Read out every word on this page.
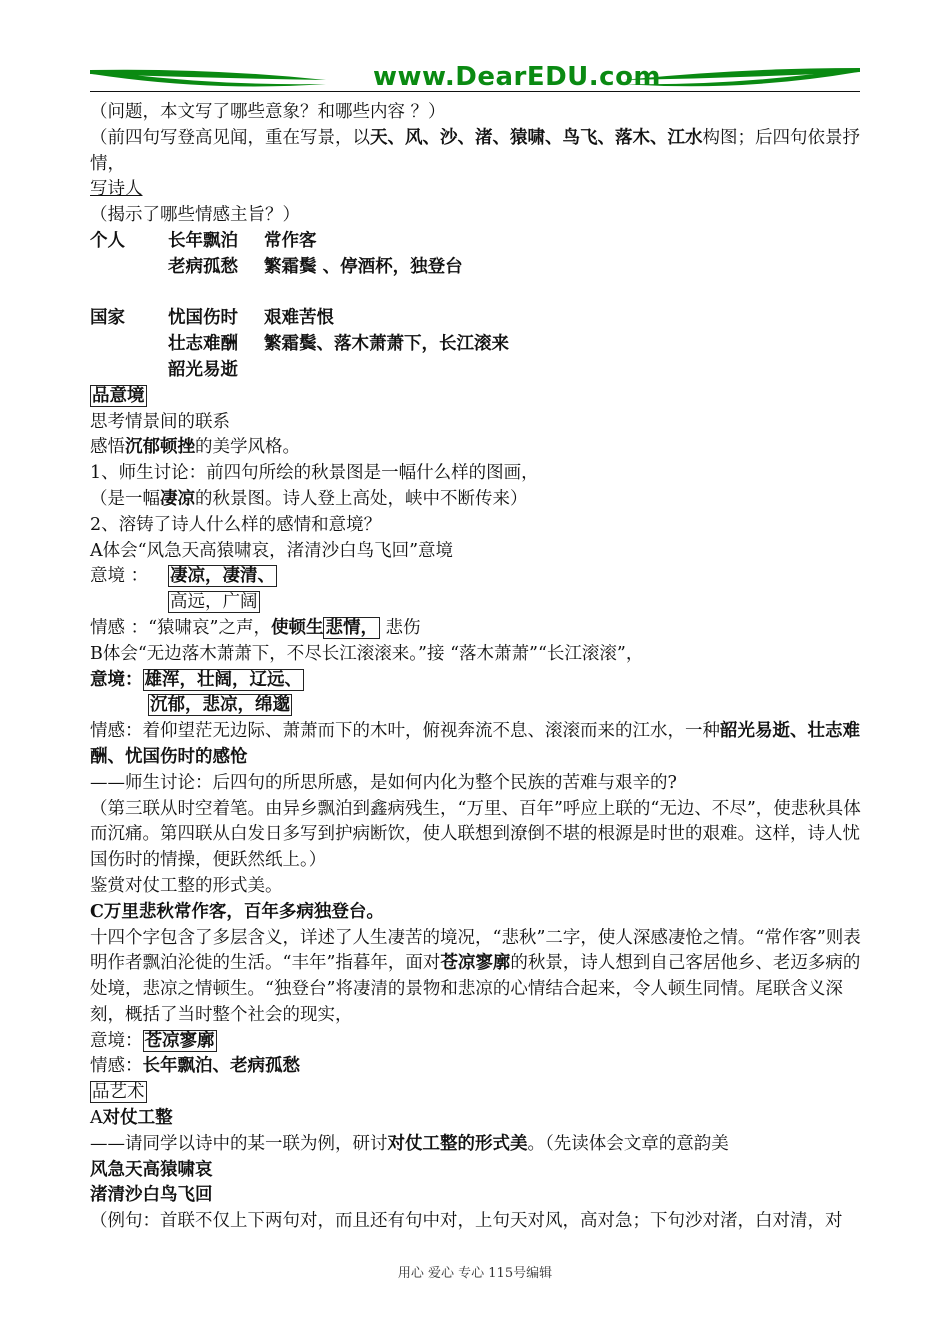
www.DearEDU.com
（问题，本文写了哪些意象？和哪些内容 ？）
（前四句写登高见闻，重在写景，以天、风、沙、渚、猿啸、鸟飞、落木、江水构图；后四句依景抒情，
写诗人
（揭示了哪些情感主旨？）
个人 长年飘泊 常作客
老病孤愁 繁霜鬓 、停酒杯，独登台
国家 忧国伤时 艰难苦恨
壮志难酬 繁霜鬓、落木萧萧下，长江滚来
韶光易逝
品意境
思考情景间的联系
感悟沉郁顿挫的美学风格。
1、师生讨论：前四句所绘的秋景图是一幅什么样的图画，
（是一幅凄凉的秋景图。诗人登上高处，峡中不断传来）
2、溶铸了诗人什么样的感情和意境？
A体会“风急天高猿啸哀，渚清沙白鸟飞回”意境
意境 ： 凄凉，凄清、
高远，广阔
情感 ：“猿啸哀”之声，使顿生 悲情， 悲伤
B体会“无边落木萧萧下，不尽长江滚滚来。”接 “落木萧萧”“长江滚滚”，
意境： 雄浑，壮阔，辽远、
沉郁，悲凉，绵邈
情感：着仰望茫无边际、萧萧而下的木叶，俯视奔流不息、滚滚而来的江水，一种韶光易逝、壮志难酬、忧国伤时的感怆
——师生讨论：后四句的所思所感，是如何内化为整个民族的苦难与艰辛的?
（第三联从时空着笔。由异乡飘泊到鑫病残生，“万里、百年”呼应上联的“无边、不尽”，使悲秋具体而沉痛。第四联从白发日多写到护病断饮，使人联想到潦倒不堪的根源是时世的艰难。这样，诗人忧国伤时的情操，便跃然纸上。）
鉴赏对仗工整的形式美。
C万里悲秋常作客，百年多病独登台。
十四个字包含了多层含义，详述了人生凄苦的境况，“悲秋”二字，使人深感凄怆之情。“常作客”则表明作者飘泊沦徙的生活。“丰年”指暮年，面对苍凉寥廓的秋景，诗人想到自己客居他乡、老迈多病的处境，悲凉之情顿生。“独登台”将凄清的景物和悲凉的心情结合起来，令人顿生同情。尾联含义深刻，概括了当时整个社会的现实，
意境： 苍凉寥廓
情感：长年飘泊、老病孤愁
品艺术
A对仗工整
——请同学以诗中的某一联为例，研讨对仗工整的形式美。（先读体会文章的意韵美
风急天高猿啸哀
渚清沙白鸟飞回
（例句：首联不仅上下两句对，而且还有句中对，上句天对风，高对急；下句沙对渚，白对清，对
用心 爱心 专心 115号编辑
